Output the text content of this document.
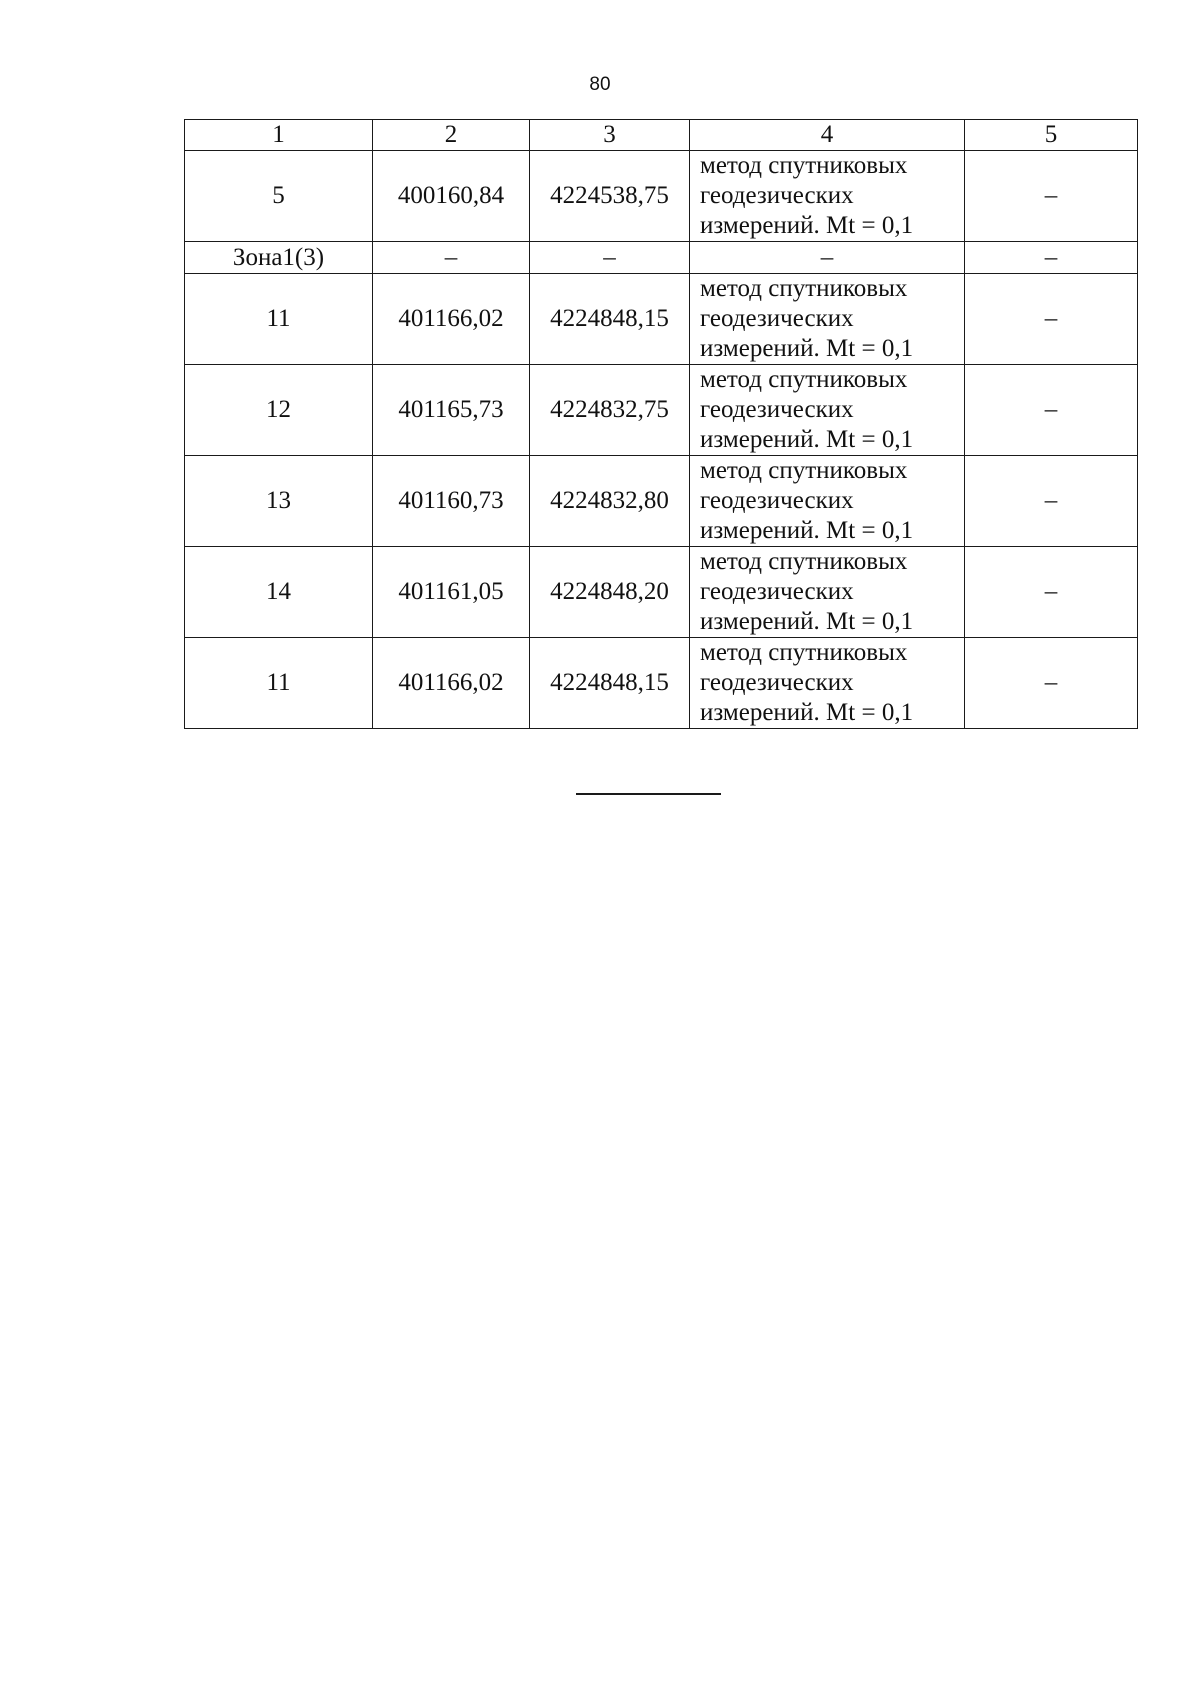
80
1	2	3	4	5
5	400160,84	4224538,75	метод спутниковых
геодезических
измерений. Mt = 0,1	–
Зона1(3)	–	–	–	–
11	401166,02	4224848,15	метод спутниковых
геодезических
измерений. Mt = 0,1	–
12	401165,73	4224832,75	метод спутниковых
геодезических
измерений. Mt = 0,1	–
13	401160,73	4224832,80	метод спутниковых
геодезических
измерений. Mt = 0,1	–
14	401161,05	4224848,20	метод спутниковых
геодезических
измерений. Mt = 0,1	–
11	401166,02	4224848,15	метод спутниковых
геодезических
измерений. Mt = 0,1	–
